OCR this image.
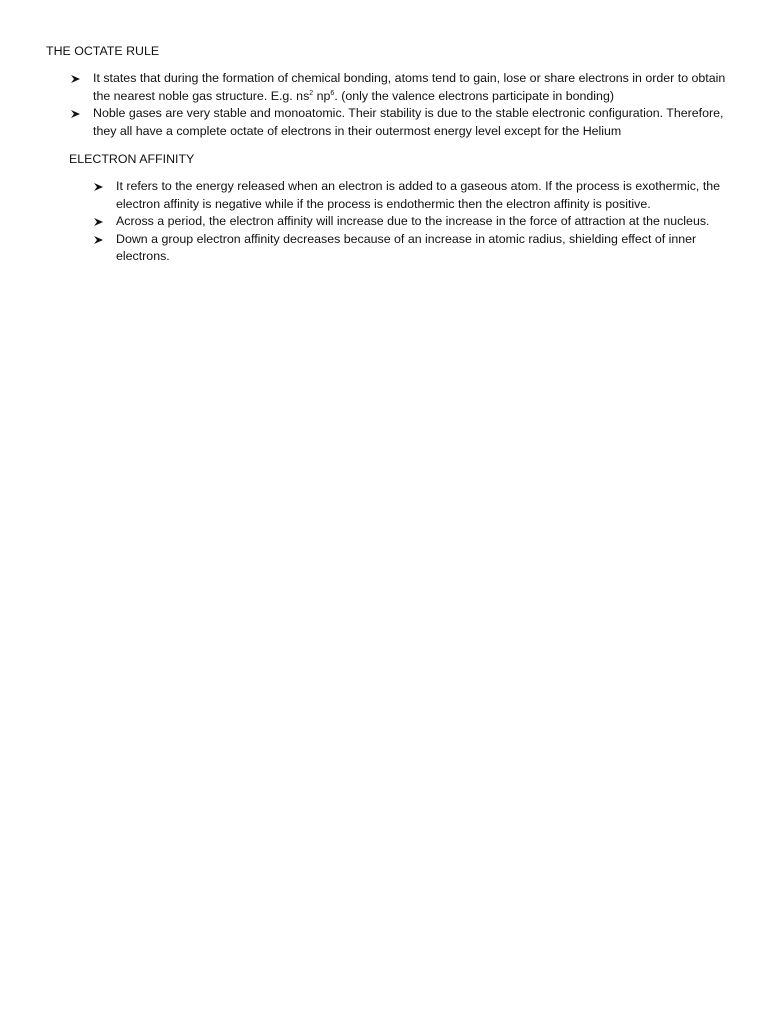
THE OCTATE RULE
It states that during the formation of chemical bonding, atoms tend to gain, lose or share electrons in order to obtain the nearest noble gas structure. E.g. $ns^2$ $np^6$. (only the valence electrons participate in bonding)
Noble gases are very stable and monoatomic. Their stability is due to the stable electronic configuration. Therefore, they all have a complete octate of electrons in their outermost energy level except for the Helium
ELECTRON AFFINITY
It refers to the energy released when an electron is added to a gaseous atom. If the process is exothermic, the electron affinity is negative while if the process is endothermic then the electron affinity is positive.
Across a period, the electron affinity will increase due to the increase in the force of attraction at the nucleus.
Down a group electron affinity decreases because of an increase in atomic radius, shielding effect of inner electrons.
